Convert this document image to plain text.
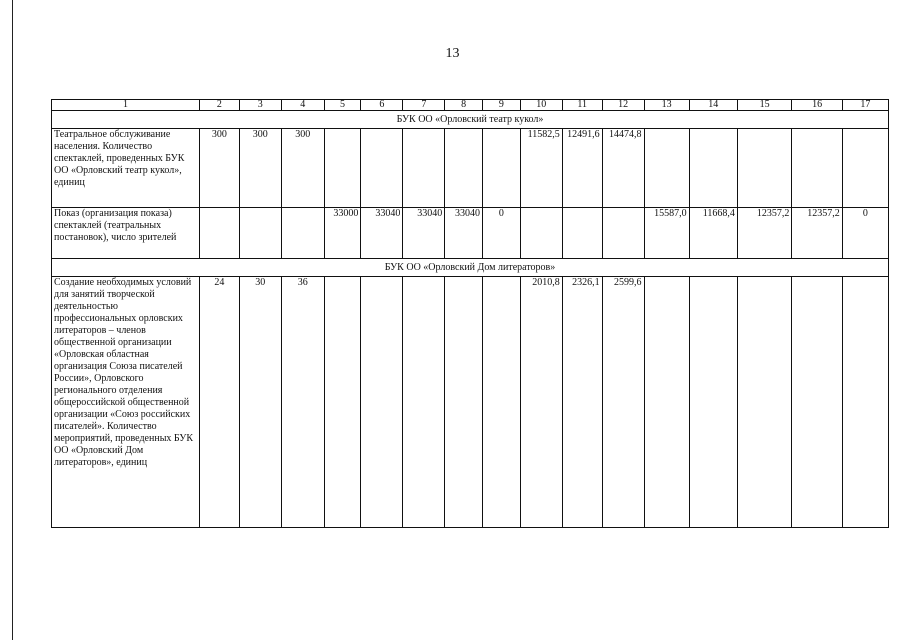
13
1	2	3	4	5	6	7	8	9	10	11	12	13	14	15	16	17
БУК ОО «Орловский театр кукол»																
Театральное обслуживание населения. Количество спектаклей, проведенных БУК ОО «Орловский театр кукол», единиц	300	300	300						11582,5	12491,6	14474,8					
Показ (организация показа) спектаклей (театральных постановок), число зрителей				33000	33040	33040	33040	0				15587,0	11668,4	12357,2	12357,2	0
БУК ОО «Орловский Дом литераторов»																
Создание необходимых условий для занятий творческой деятельностью профессиональных орловских литераторов – членов общественной организации «Орловская областная организация Союза писателей России», Орловского регионального отделения общероссийской общественной организации «Союз российских писателей». Количество мероприятий, проведенных БУК ОО «Орловский Дом литераторов», единиц	24	30	36						2010,8	2326,1	2599,6					
